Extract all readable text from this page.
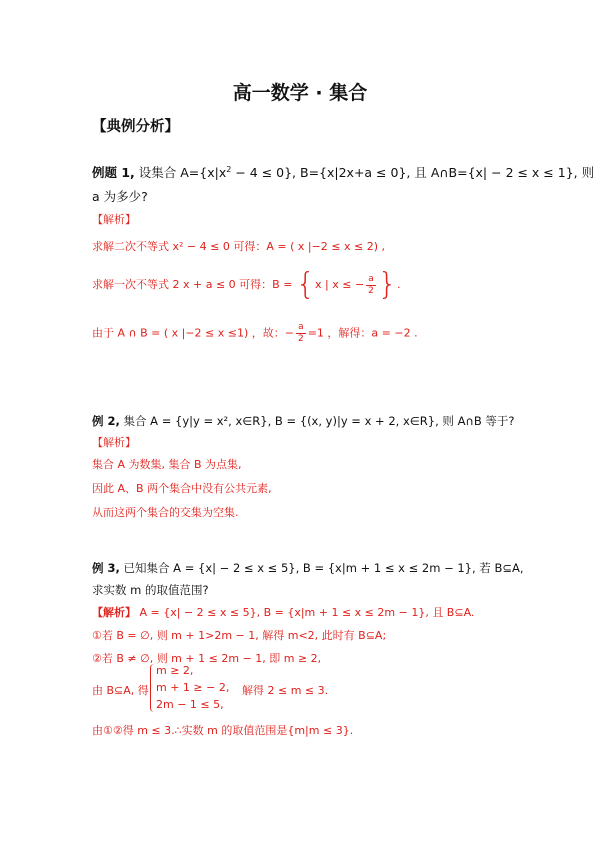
高一数学 · 集合
【典例分析】
例题 1, 设集合 $A=\{x|x^2 - 4 \le 0\}$, B={x|2x+a ≤ 0}, 且 A∩B={x| − 2 ≤ x ≤ 1}, 则
a 为多少?
【解析】
求解二次不等式 x² − 4 ≤ 0 可得：A = ( x |−2 ≤ x ≤ 2) ,
求解一次不等式 2 x + a ≤ 0 可得：B = {x | x ≤ − $\frac{a}{2}$ }.
由于 A ∩ B = ( x |−2 ≤ x ≤1) ，故：− $\frac{a}{2} =1$ ，解得：a = −2 .
例 2, 集合 A = {y|y = x², x∈R}, B = {(x, y)|y = x + 2, x∈R}, 则 A∩B 等于?
【解析】
集合 A 为数集, 集合 B 为点集,
因此 A、B 两个集合中没有公共元素,
从而这两个集合的交集为空集.
例 3, 已知集合 A = {x| − 2 ≤ x ≤ 5}, B = {x|m + 1 ≤ x ≤ 2m − 1}, 若 B⊆A,
求实数 m 的取值范围?
【解析】 A = {x| − 2 ≤ x ≤ 5}, B = {x|m + 1 ≤ x ≤ 2m − 1}, 且 B⊆A.
①若 B = ∅, 则 m + 1>2m − 1, 解得 m<2, 此时有 B⊆A;
②若 B ≠ ∅, 则 m + 1 ≤ 2m − 1, 即 m ≥ 2,
由 B⊆A, 得
m ≥ 2,
m + 1 ≥ − 2,
2m − 1 ≤ 5,
解得 2 ≤ m ≤ 3.
由①②得 m ≤ 3.∴实数 m 的取值范围是{m|m ≤ 3}.
